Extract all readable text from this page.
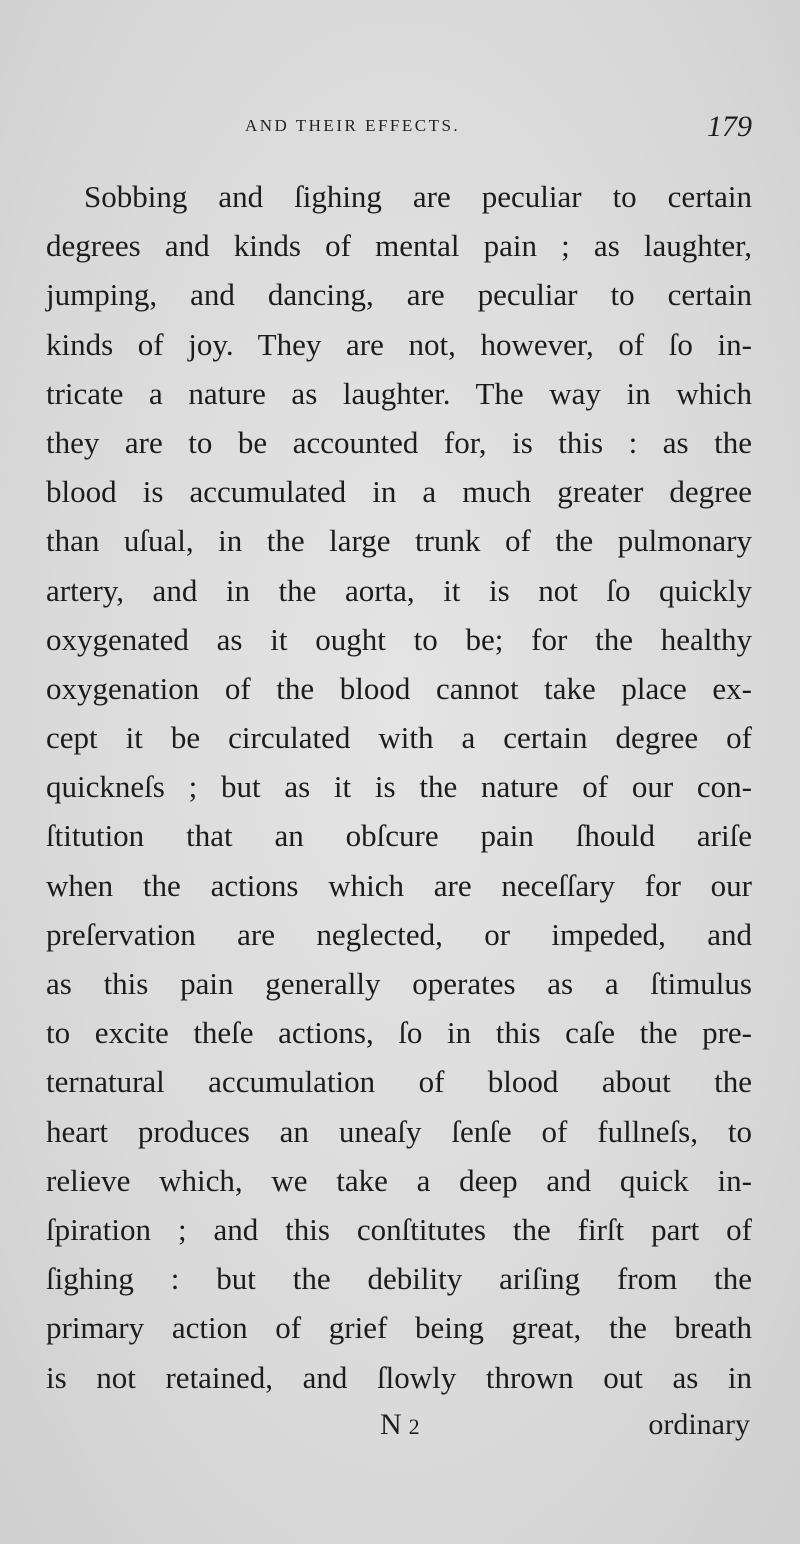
AND THEIR EFFECTS.	179
Sobbing and ſighing are peculiar to certain
degrees and kinds of mental pain ; as laughter,
jumping, and dancing, are peculiar to certain
kinds of joy. They are not, however, of ſo in-
tricate a nature as laughter. The way in which
they are to be accounted for, is this : as the
blood is accumulated in a much greater degree
than uſual, in the large trunk of the pulmonary
artery, and in the aorta, it is not ſo quickly
oxygenated as it ought to be; for the healthy
oxygenation of the blood cannot take place ex-
cept it be circulated with a certain degree of
quickneſs ; but as it is the nature of our con-
ſtitution that an obſcure pain ſhould ariſe
when the actions which are neceſſary for our
preſervation are neglected, or impeded, and
as this pain generally operates as a ſtimulus
to excite theſe actions, ſo in this caſe the pre-
ternatural accumulation of blood about the
heart produces an uneaſy ſenſe of fullneſs, to
relieve which, we take a deep and quick in-
ſpiration ; and this conſtitutes the firſt part of
ſighing : but the debility ariſing from the
primary action of grief being great, the breath
is not retained, and ſlowly thrown out as in
N 2	ordinary
